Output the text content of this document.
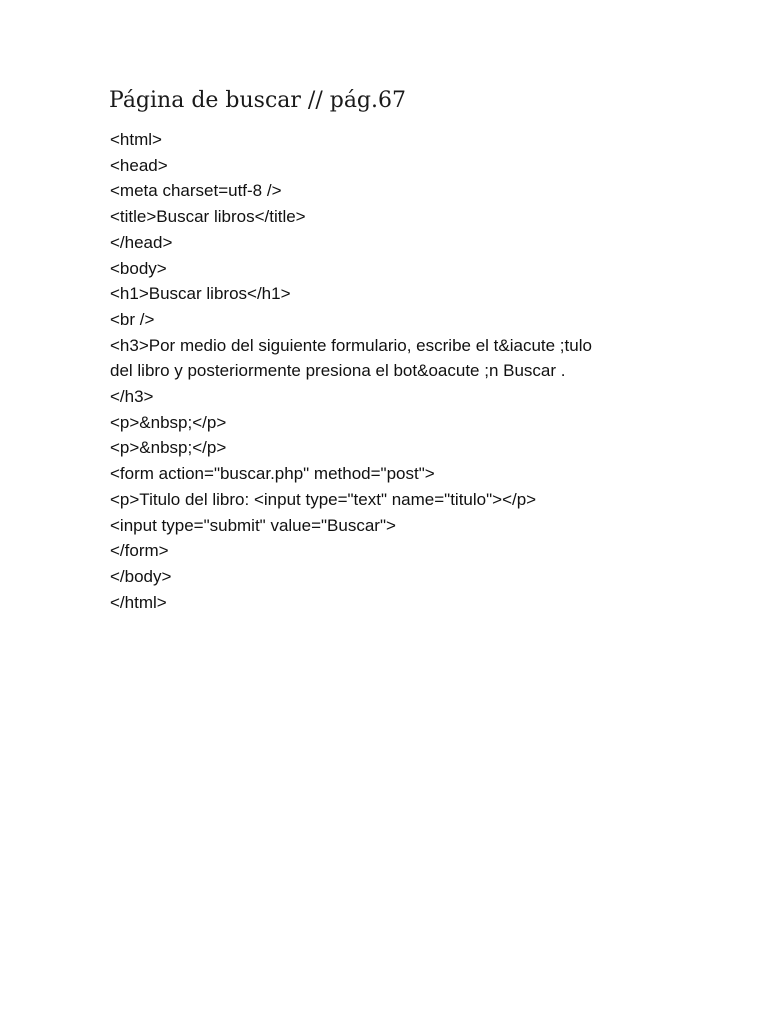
Página de buscar // pág.67
<html>
<head>
<meta charset=utf-8 />
<title>Buscar libros</title>
</head>
<body>
<h1>Buscar libros</h1>
<br />
<h3>Por medio del siguiente formulario, escribe el t&iacute ;tulo
del libro y posteriormente presiona el bot&oacute ;n Buscar .
</h3>
<p>&nbsp;</p>
<p>&nbsp;</p>
<form action="buscar.php" method="post">
<p>Titulo del libro: <input type="text" name="titulo"></p>
<input type="submit" value="Buscar">
</form>
</body>
</html>
